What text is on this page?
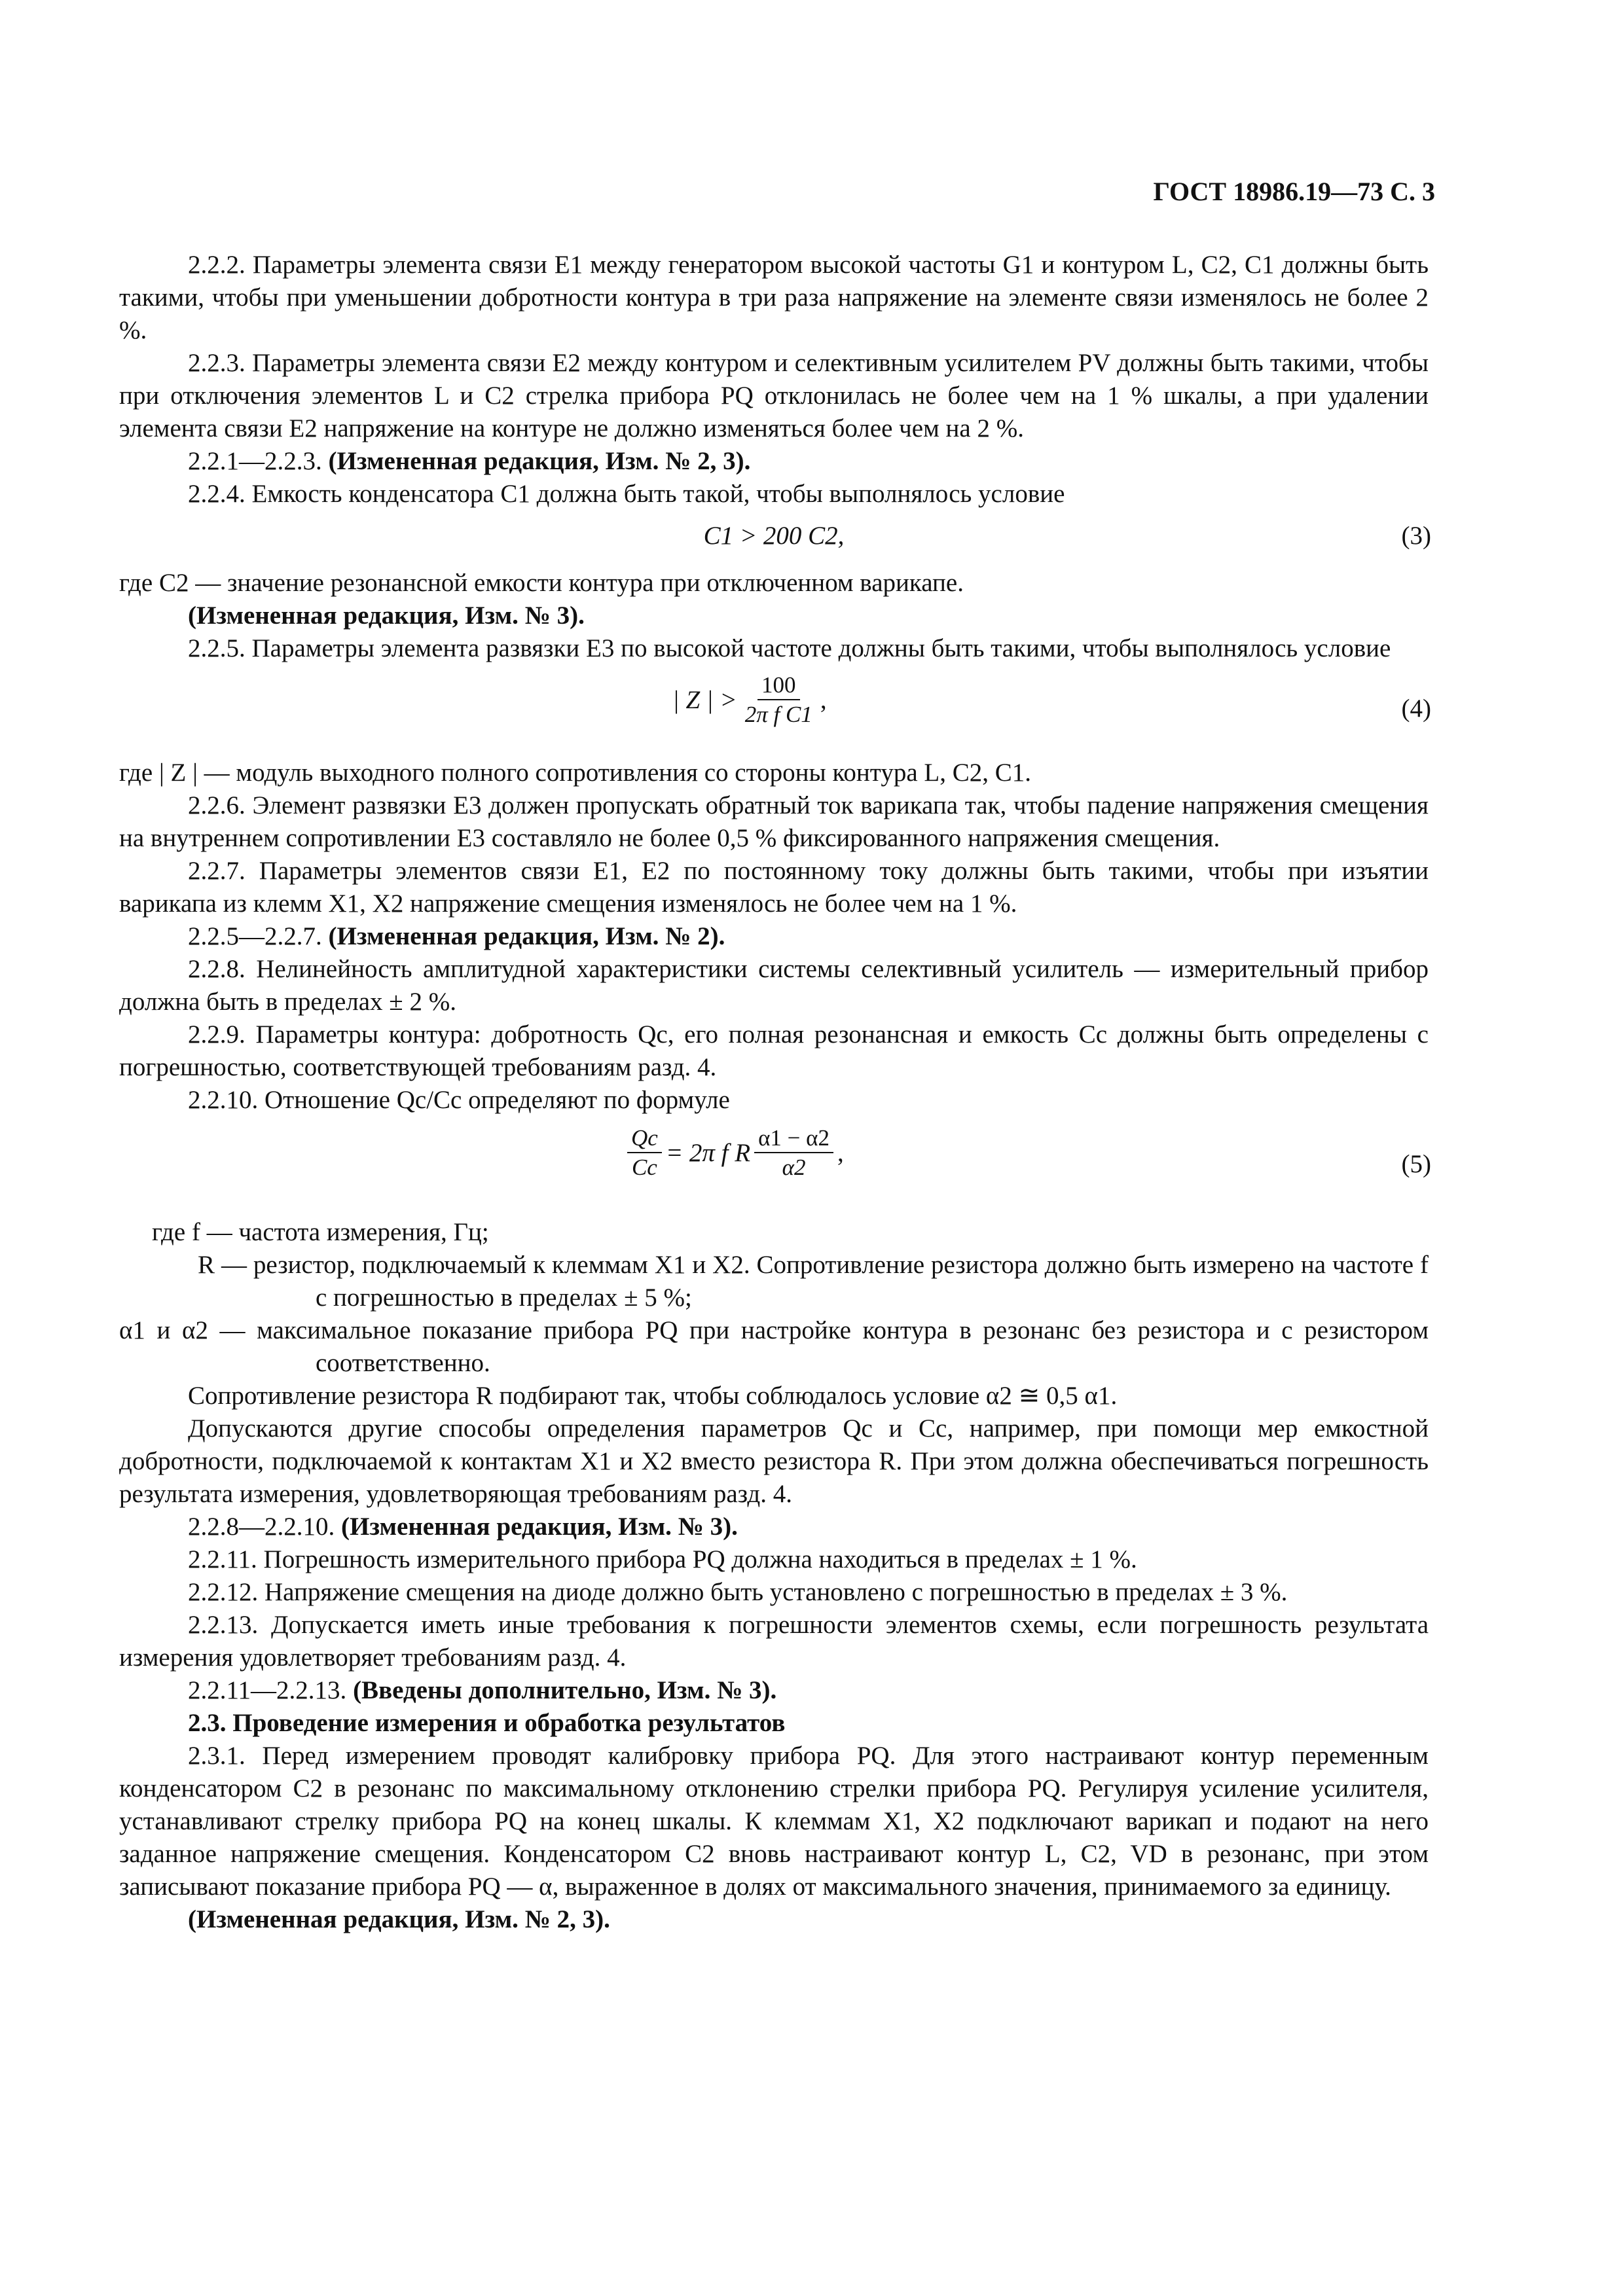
ГОСТ 18986.19—73 С. 3

2.2.2. Параметры элемента связи E1 между генератором высокой частоты G1 и контуром L, C2, C1 должны быть такими, чтобы при уменьшении добротности контура в три раза напряжение на элементе связи изменялось не более 2 %.

2.2.3. Параметры элемента связи E2 между контуром и селективным усилителем PV должны быть такими, чтобы при отключения элементов L и C2 стрелка прибора PQ отклонилась не более чем на 1 % шкалы, а при удалении элемента связи E2 напряжение на контуре не должно изменяться более чем на 2 %.

2.2.1—2.2.3. (Измененная редакция, Изм. № 2, 3).

2.2.4. Емкость конденсатора C1 должна быть такой, чтобы выполнялось условие

C1 > 200 C2,	(3)

где C2 — значение резонансной емкости контура при отключенном варикапе.

(Измененная редакция, Изм. № 3).

2.2.5. Параметры элемента развязки E3 по высокой частоте должны быть такими, чтобы выполнялось условие

| Z | > $\frac{100}{\text{2π f C1}}$ ,	(4)

где | Z | — модуль выходного полного сопротивления со стороны контура L, C2, C1.

2.2.6. Элемент развязки E3 должен пропускать обратный ток варикапа так, чтобы падение напряжения смещения на внутреннем сопротивлении E3 составляло не более 0,5 % фиксированного напряжения смещения.

2.2.7. Параметры элементов связи E1, E2 по постоянному току должны быть такими, чтобы при изъятии варикапа из клемм X1, X2 напряжение смещения изменялось не более чем на 1 %.

2.2.5—2.2.7. (Измененная редакция, Изм. № 2).

2.2.8. Нелинейность амплитудной характеристики системы селективный усилитель — измерительный прибор должна быть в пределах ± 2 %.

2.2.9. Параметры контура: добротность Qc, его полная резонансная и емкость Cc должны быть определены с погрешностью, соответствующей требованиям разд. 4.

2.2.10. Отношение Qc/Cc определяют по формуле

$\frac{Qc}{Cc} = 2\pi$ f R $\frac{\alpha 1 - \alpha 2}{\alpha 2}$ ,	(5)

где f — частота измерения, Гц;

R — резистор, подключаемый к клеммам X1 и X2. Сопротивление резистора должно быть измерено на частоте f с погрешностью в пределах ± 5 %;

α1 и α2 — максимальное показание прибора PQ при настройке контура в резонанс без резистора и с резистором соответственно.

Сопротивление резистора R подбирают так, чтобы соблюдалось условие α2 ≅ 0,5 α1.

Допускаются другие способы определения параметров Qc и Cc, например, при помощи мер емкостной добротности, подключаемой к контактам X1 и X2 вместо резистора R. При этом должна обеспечиваться погрешность результата измерения, удовлетворяющая требованиям разд. 4.

2.2.8—2.2.10. (Измененная редакция, Изм. № 3).

2.2.11. Погрешность измерительного прибора PQ должна находиться в пределах ± 1 %.

2.2.12. Напряжение смещения на диоде должно быть установлено с погрешностью в пределах ± 3 %.

2.2.13. Допускается иметь иные требования к погрешности элементов схемы, если погрешность результата измерения удовлетворяет требованиям разд. 4.

2.2.11—2.2.13. (Введены дополнительно, Изм. № 3).

2.3. Проведение измерения и обработка результатов

2.3.1. Перед измерением проводят калибровку прибора PQ. Для этого настраивают контур переменным конденсатором C2 в резонанс по максимальному отклонению стрелки прибора PQ. Регулируя усиление усилителя, устанавливают стрелку прибора PQ на конец шкалы. К клеммам X1, X2 подключают варикап и подают на него заданное напряжение смещения. Конденсатором C2 вновь настраивают контур L, C2, VD в резонанс, при этом записывают показание прибора PQ — α, выраженное в долях от максимального значения, принимаемого за единицу.

(Измененная редакция, Изм. № 2, 3).
